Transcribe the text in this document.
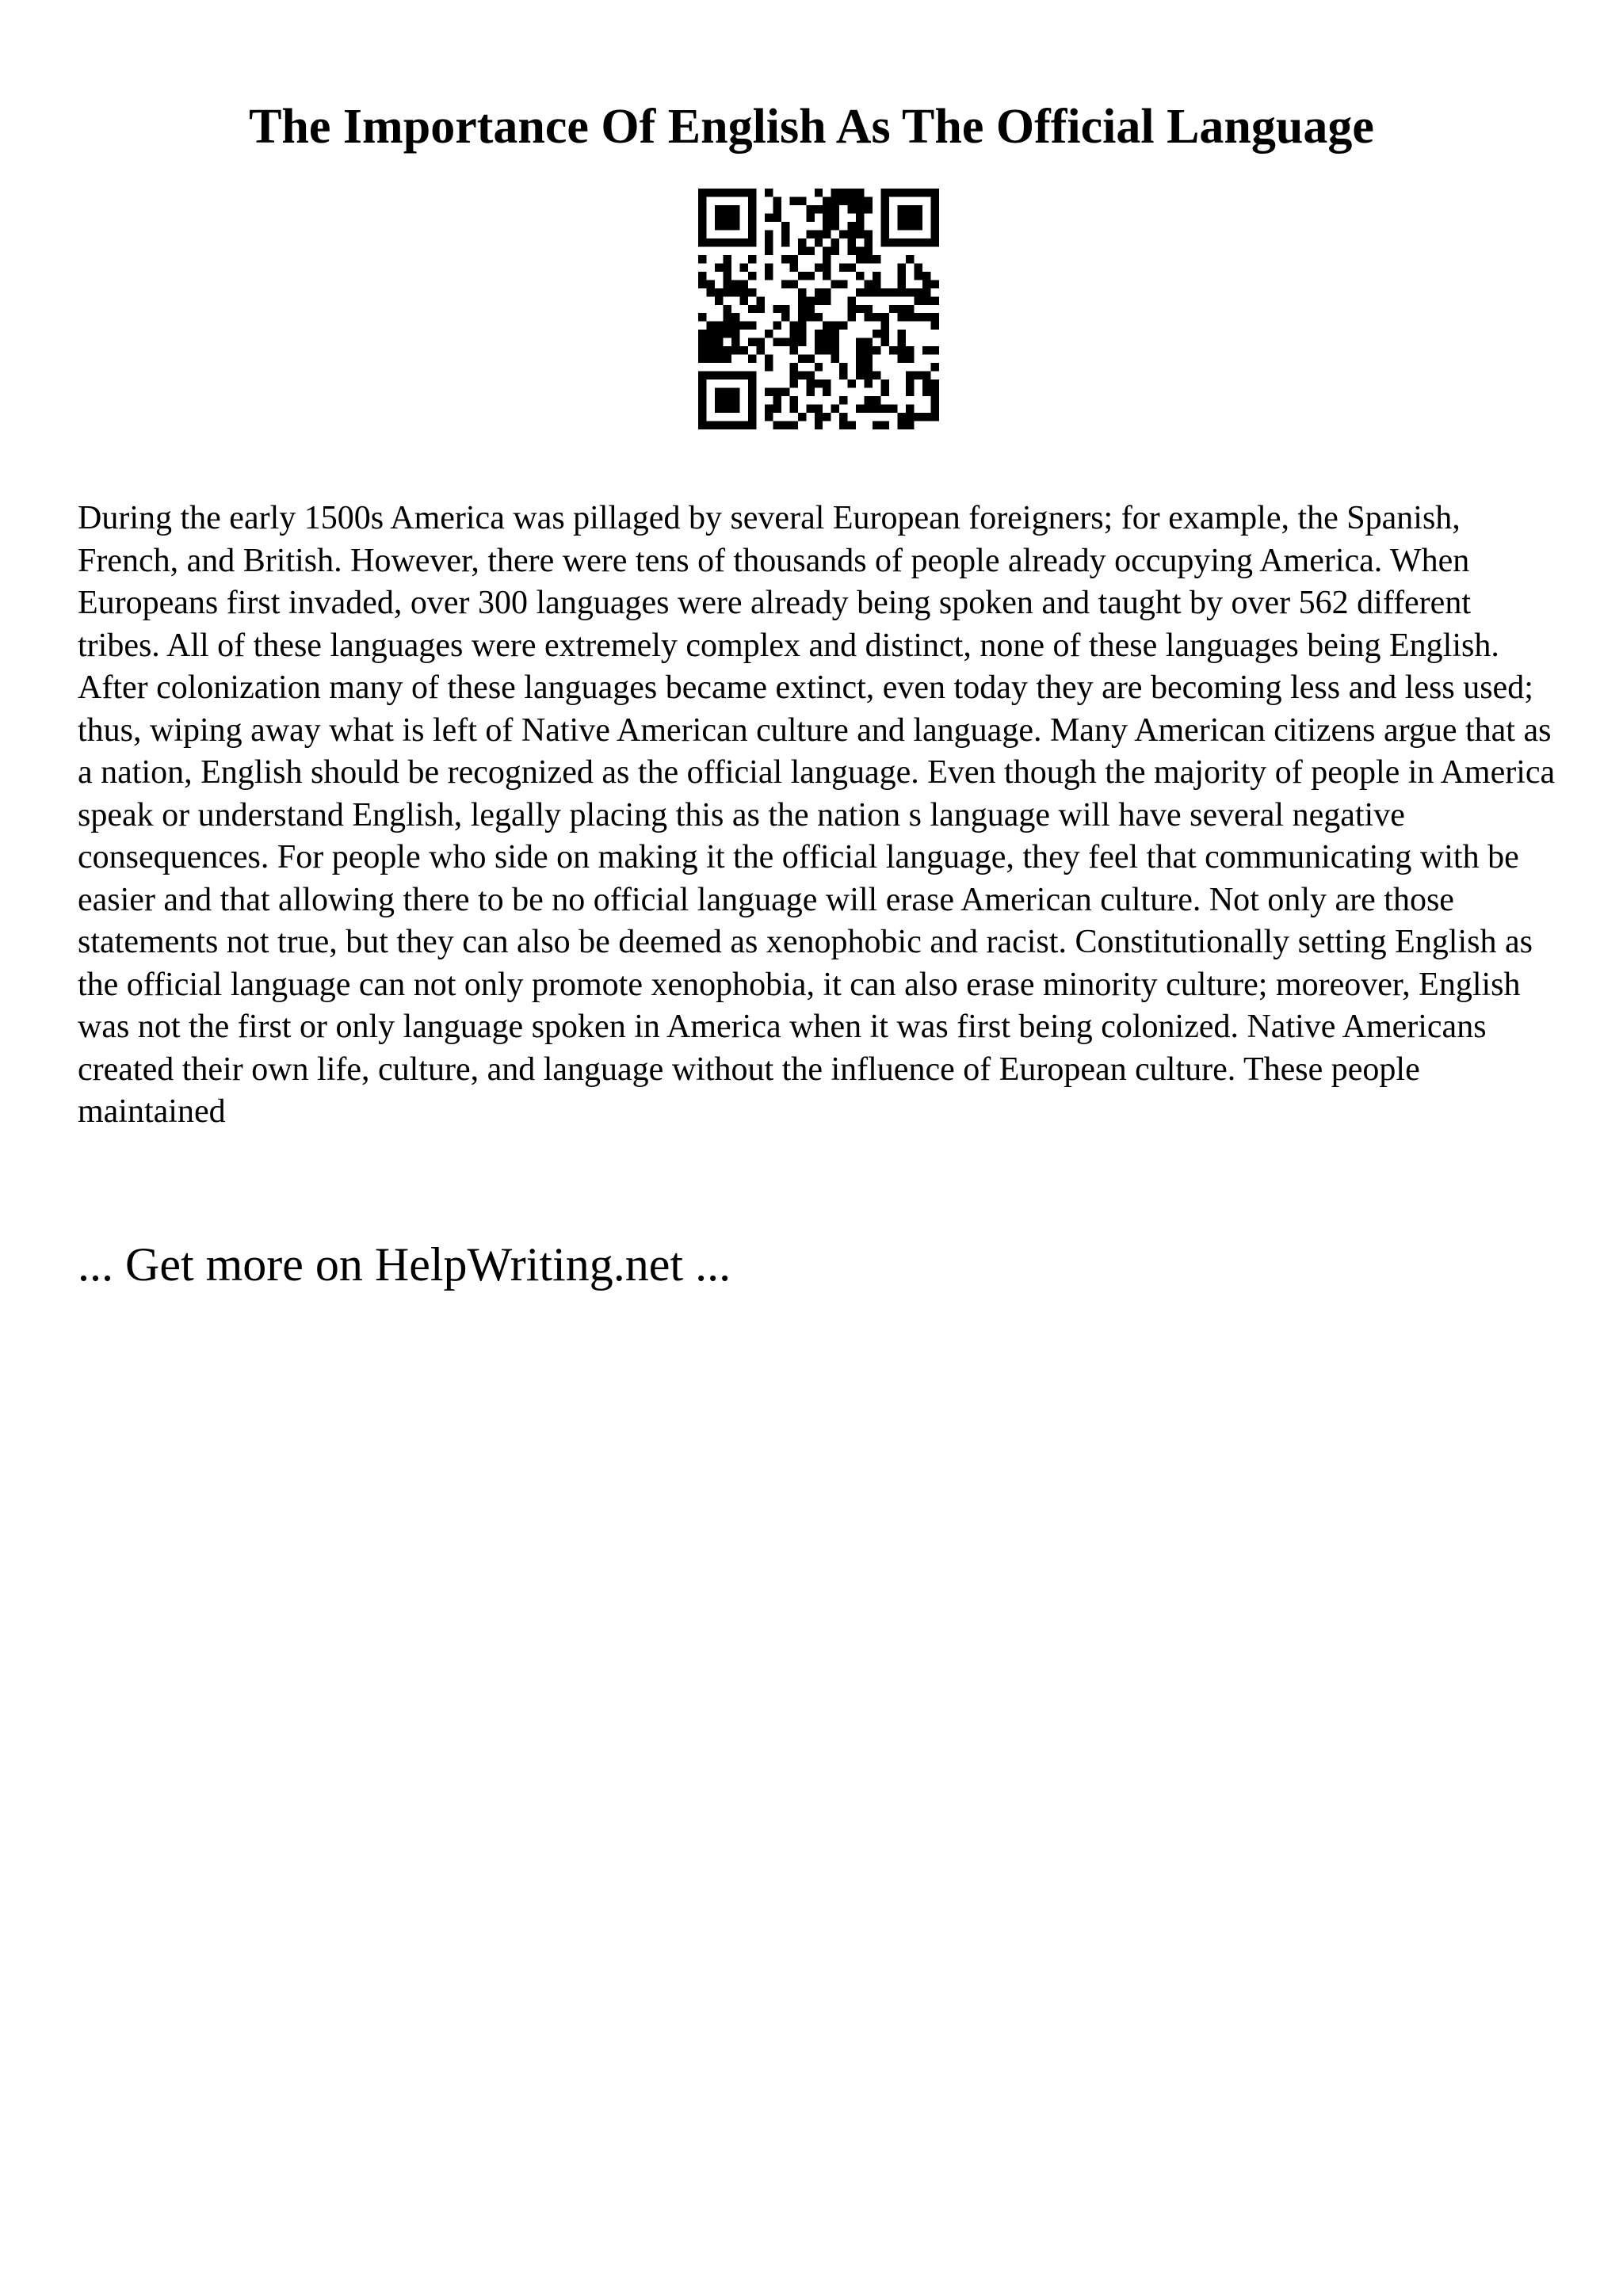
The Importance Of English As The Official Language

During the early 1500s America was pillaged by several European foreigners; for example, the Spanish, French, and British. However, there were tens of thousands of people already occupying America. When Europeans first invaded, over 300 languages were already being spoken and taught by over 562 different tribes. All of these languages were extremely complex and distinct, none of these languages being English. After colonization many of these languages became extinct, even today they are becoming less and less used; thus, wiping away what is left of Native American culture and language. Many American citizens argue that as a nation, English should be recognized as the official language. Even though the majority of people in America speak or understand English, legally placing this as the nation s language will have several negative consequences. For people who side on making it the official language, they feel that communicating with be easier and that allowing there to be no official language will erase American culture. Not only are those statements not true, but they can also be deemed as xenophobic and racist. Constitutionally setting English as the official language can not only promote xenophobia, it can also erase minority culture; moreover, English was not the first or only language spoken in America when it was first being colonized. Native Americans created their own life, culture, and language without the influence of European culture. These people maintained

... Get more on HelpWriting.net ...
